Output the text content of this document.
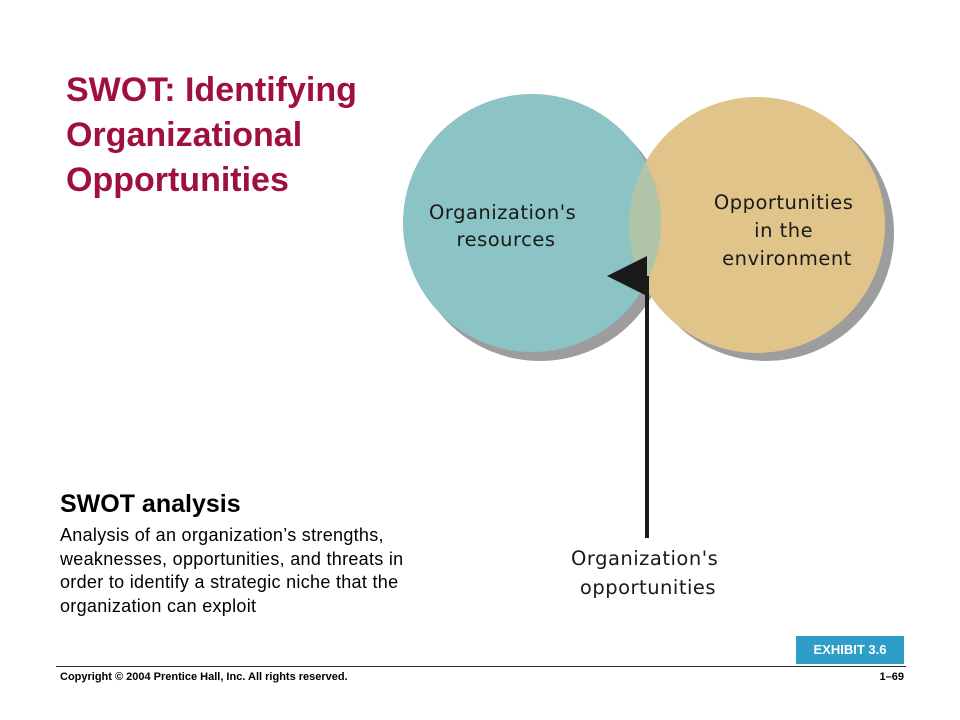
SWOT: Identifying
Organizational
Opportunities
Organization's resources
Opportunities in the environment
Organization's opportunities
SWOT analysis

Analysis of an organization’s strengths,
weaknesses, opportunities, and threats in
order to identify a strategic niche that the
organization can exploit

EXHIBIT 3.6
Copyright © 2004 Prentice Hall, Inc. All rights reserved.	1–69
